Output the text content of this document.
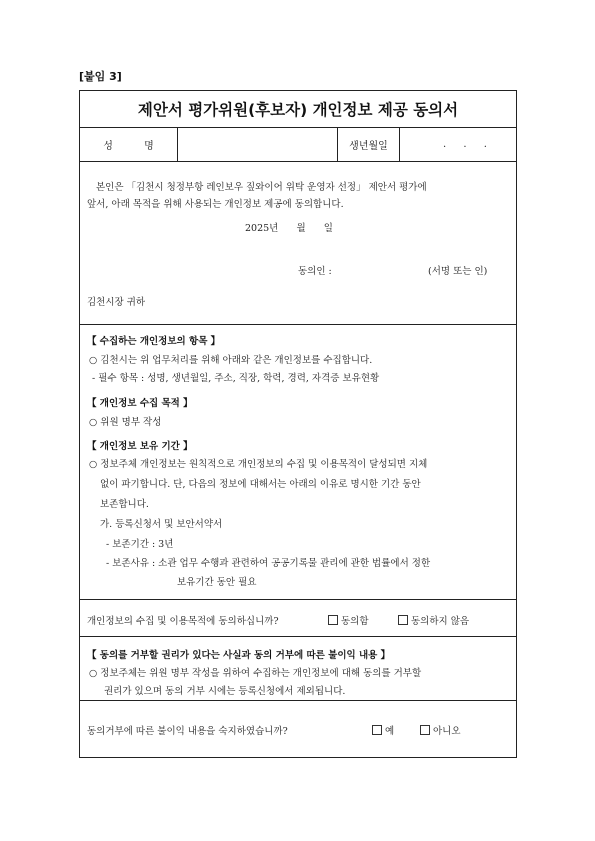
[붙임 3]
제안서 평가위원(후보자) 개인정보 제공 동의서
성 명	생년월일	. . .
본인은 「김천시 청정부항 레인보우 짚와이어 위탁 운영자 선정」 제안서 평가에
앞서, 아래 목적을 위해 사용되는 개인정보 제공에 동의합니다.
2025년      월      일
동의인 :	(서명 또는 인)
김천시장 귀하
【 수집하는 개인정보의 항목 】
○ 김천시는 위 업무처리를 위해 아래와 같은 개인정보를 수집합니다.
- 필수 항목 : 성명, 생년월일, 주소, 직장, 학력, 경력, 자격증 보유현황
【 개인정보 수집 목적 】
○ 위원 명부 작성
【 개인정보 보유 기간 】
○ 정보주체 개인정보는 원칙적으로 개인정보의 수집 및 이용목적이 달성되면 지체
없이 파기합니다. 단, 다음의 정보에 대해서는 아래의 이유로 명시한 기간 동안
보존합니다.
가. 등록신청서 및 보안서약서
- 보존기간 : 3년
- 보존사유 : 소관 업무 수행과 관련하여 공공기록물 관리에 관한 법률에서 정한
보유기간 동안 필요
개인정보의 수집 및 이용목적에 동의하십니까?	동의함	동의하지 않음
【 동의를 거부할 권리가 있다는 사실과 동의 거부에 따른 불이익 내용 】
○ 정보주체는 위원 명부 작성을 위하여 수집하는 개인정보에 대해 동의를 거부할
권리가 있으며 동의 거부 시에는 등록신청에서 제외됩니다.
동의거부에 따른 불이익 내용을 숙지하였습니까?	예	아니오
